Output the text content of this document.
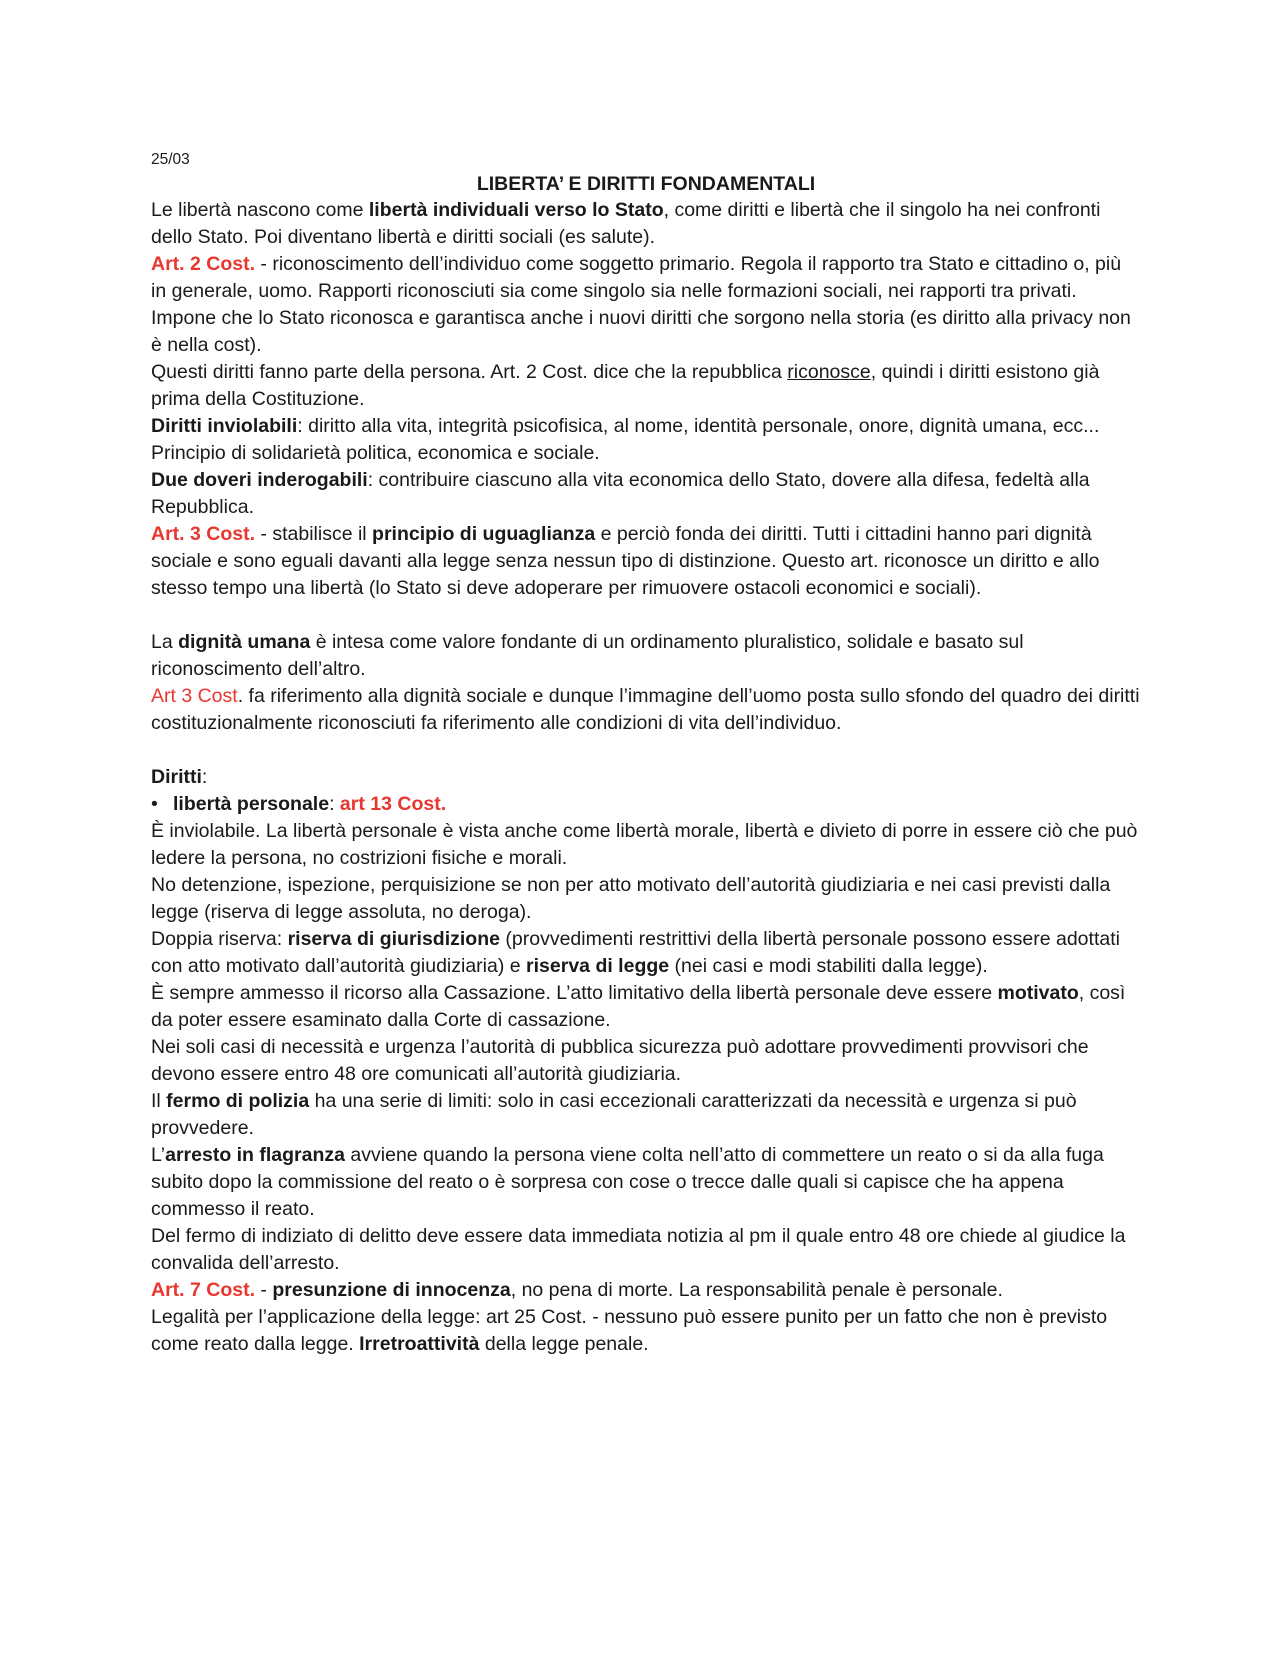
25/03

LIBERTA’ E DIRITTI FONDAMENTALI

Le libertà nascono come libertà individuali verso lo Stato, come diritti e libertà che il singolo ha nei confronti dello Stato. Poi diventano libertà e diritti sociali (es salute).

Art. 2 Cost. - riconoscimento dell’individuo come soggetto primario. Regola il rapporto tra Stato e cittadino o, più in generale, uomo. Rapporti riconosciuti sia come singolo sia nelle formazioni sociali, nei rapporti tra privati. Impone che lo Stato riconosca e garantisca anche i nuovi diritti che sorgono nella storia (es diritto alla privacy non è nella cost).

Questi diritti fanno parte della persona. Art. 2 Cost. dice che la repubblica riconosce, quindi i diritti esistono già prima della Costituzione.

Diritti inviolabili: diritto alla vita, integrità psicofisica, al nome, identità personale, onore, dignità umana, ecc...

Principio di solidarietà politica, economica e sociale.

Due doveri inderogabili: contribuire ciascuno alla vita economica dello Stato, dovere alla difesa, fedeltà alla Repubblica.

Art. 3 Cost. - stabilisce il principio di uguaglianza e perciò fonda dei diritti. Tutti i cittadini hanno pari dignità sociale e sono eguali davanti alla legge senza nessun tipo di distinzione. Questo art. riconosce un diritto e allo stesso tempo una libertà (lo Stato si deve adoperare per rimuovere ostacoli economici e sociali).

La dignità umana è intesa come valore fondante di un ordinamento pluralistico, solidale e basato sul riconoscimento dell’altro.

Art 3 Cost. fa riferimento alla dignità sociale e dunque l’immagine dell’uomo posta sullo sfondo del quadro dei diritti costituzionalmente riconosciuti fa riferimento alle condizioni di vita dell’individuo.

Diritti:

• libertà personale: art 13 Cost.

È inviolabile. La libertà personale è vista anche come libertà morale, libertà e divieto di porre in essere ciò che può ledere la persona, no costrizioni fisiche e morali.

No detenzione, ispezione, perquisizione se non per atto motivato dell’autorità giudiziaria e nei casi previsti dalla legge (riserva di legge assoluta, no deroga).

Doppia riserva: riserva di giurisdizione (provvedimenti restrittivi della libertà personale possono essere adottati con atto motivato dall’autorità giudiziaria) e riserva di legge (nei casi e modi stabiliti dalla legge).

È sempre ammesso il ricorso alla Cassazione. L’atto limitativo della libertà personale deve essere motivato, così da poter essere esaminato dalla Corte di cassazione.

Nei soli casi di necessità e urgenza l’autorità di pubblica sicurezza può adottare provvedimenti provvisori che devono essere entro 48 ore comunicati all’autorità giudiziaria.

Il fermo di polizia ha una serie di limiti: solo in casi eccezionali caratterizzati da necessità e urgenza si può provvedere.

L’arresto in flagranza avviene quando la persona viene colta nell’atto di commettere un reato o si da alla fuga subito dopo la commissione del reato o è sorpresa con cose o trecce dalle quali si capisce che ha appena commesso il reato.

Del fermo di indiziato di delitto deve essere data immediata notizia al pm il quale entro 48 ore chiede al giudice la convalida dell’arresto.

Art. 7 Cost. - presunzione di innocenza, no pena di morte. La responsabilità penale è personale.

Legalità per l’applicazione della legge: art 25 Cost. - nessuno può essere punito per un fatto che non è previsto come reato dalla legge. Irretroattività della legge penale.
